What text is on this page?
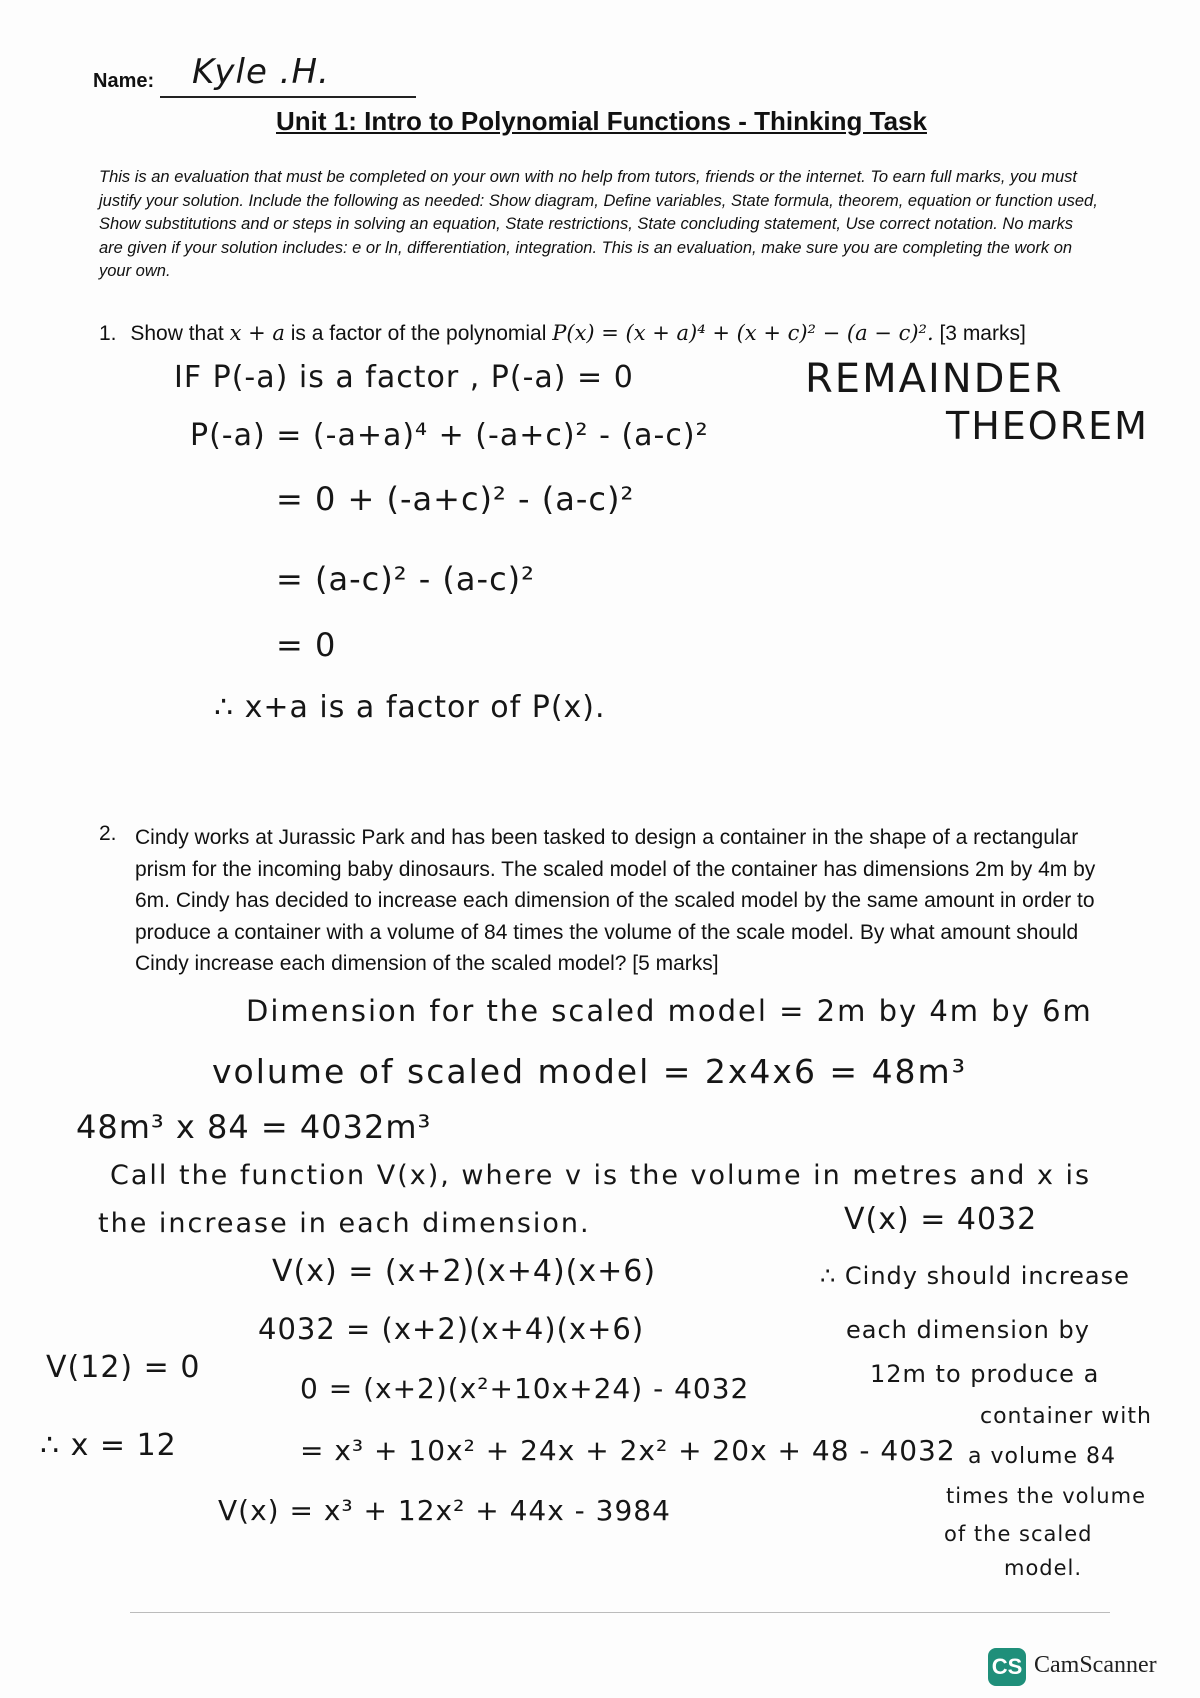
Name: Kyle .H.
Unit 1: Intro to Polynomial Functions - Thinking Task
This is an evaluation that must be completed on your own with no help from tutors, friends or the internet. To earn full marks, you must justify your solution. Include the following as needed: Show diagram, Define variables, State formula, theorem, equation or function used, Show substitutions and or steps in solving an equation, State restrictions, State concluding statement, Use correct notation. No marks are given if your solution includes: e or ln, differentiation, integration. This is an evaluation, make sure you are completing the work on your own.
1. Show that x + a is a factor of the polynomial P(x) = (x + a)⁴ + (x + c)² − (a − c)². [3 marks]
IF P(-a) is a factor , P(-a) = 0
P(-a) = (-a+a)⁴ + (-a+c)² - (a-c)²
= 0 + (-a+c)² - (a-c)²
= (a-c)² - (a-c)²
= 0
∴ x+a is a factor of P(x).
REMAINDER
THEOREM
2. Cindy works at Jurassic Park and has been tasked to design a container in the shape of a rectangular prism for the incoming baby dinosaurs. The scaled model of the container has dimensions 2m by 4m by 6m. Cindy has decided to increase each dimension of the scaled model by the same amount in order to produce a container with a volume of 84 times the volume of the scale model. By what amount should Cindy increase each dimension of the scaled model? [5 marks]
Dimension for the scaled model = 2m by 4m by 6m
volume of scaled model = 2x4x6 = 48m³
48m³ x 84 = 4032m³
Call the function V(x), where v is the volume in metres and x is
the increase in each dimension.	V(x) = 4032
V(x) = (x+2)(x+4)(x+6)
4032 = (x+2)(x+4)(x+6)
0 = (x+2)(x²+10x+24) - 4032
= x³ + 10x² + 24x + 2x² + 20x + 48 - 4032
V(x) = x³ + 12x² + 44x - 3984
V(12) = 0
∴ x = 12
∴ Cindy should increase
each dimension by
12m to produce a
container with
a volume 84
times the volume
of the scaled
model.
CS CamScanner
